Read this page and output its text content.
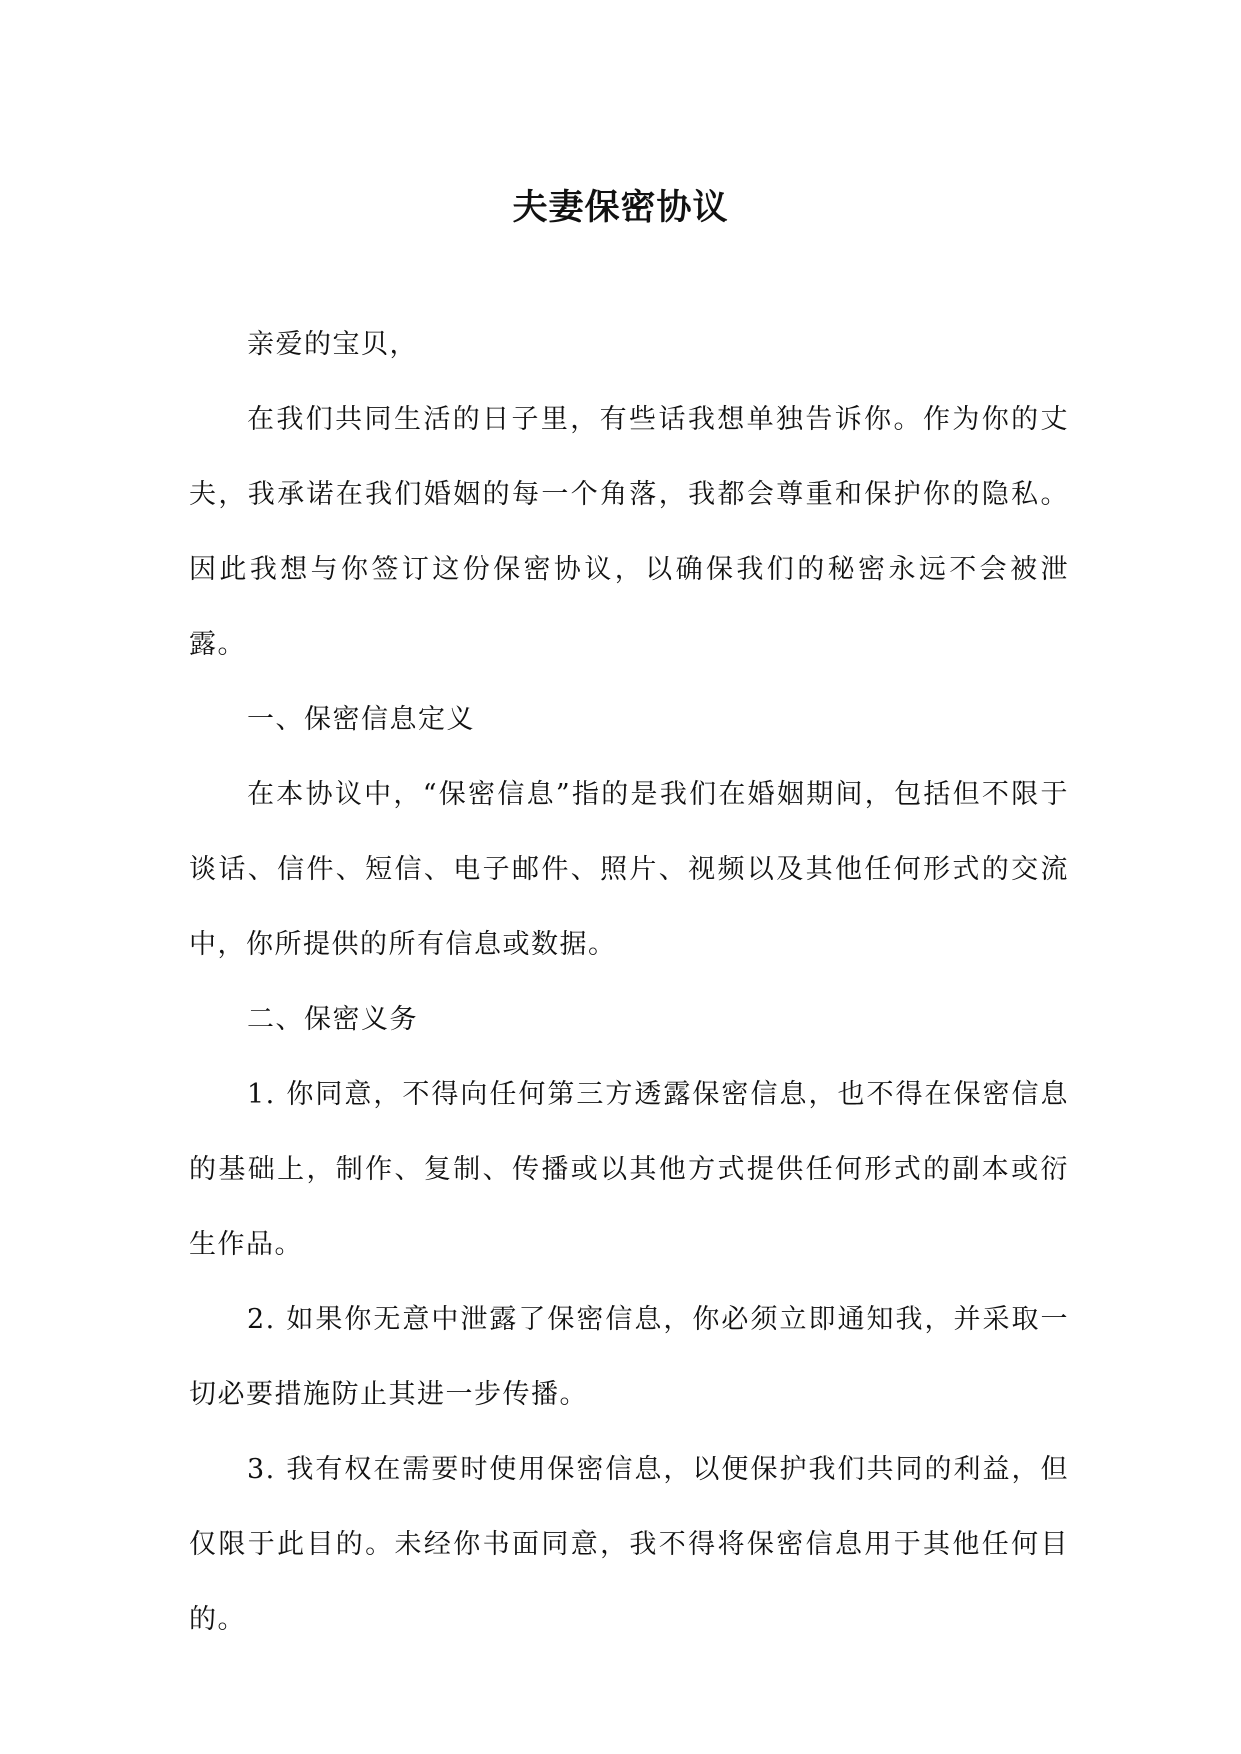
夫妻保密协议

亲爱的宝贝，

在我们共同生活的日子里，有些话我想单独告诉你。作为你的丈夫，我承诺在我们婚姻的每一个角落，我都会尊重和保护你的隐私。因此我想与你签订这份保密协议，以确保我们的秘密永远不会被泄露。

一、保密信息定义

在本协议中，“保密信息”指的是我们在婚姻期间，包括但不限于谈话、信件、短信、电子邮件、照片、视频以及其他任何形式的交流中，你所提供的所有信息或数据。

二、保密义务

1. 你同意，不得向任何第三方透露保密信息，也不得在保密信息的基础上，制作、复制、传播或以其他方式提供任何形式的副本或衍生作品。

2. 如果你无意中泄露了保密信息，你必须立即通知我，并采取一切必要措施防止其进一步传播。

3. 我有权在需要时使用保密信息，以便保护我们共同的利益，但仅限于此目的。未经你书面同意，我不得将保密信息用于其他任何目的。
